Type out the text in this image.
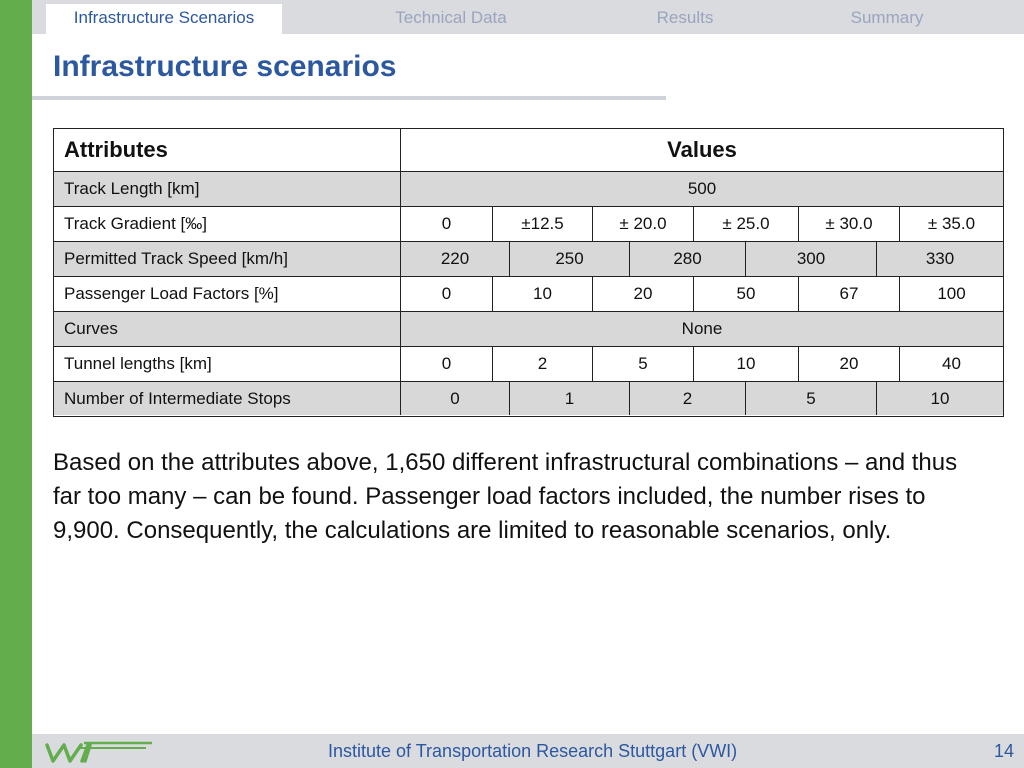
Infrastructure Scenarios	Technical Data	Results	Summary
Infrastructure scenarios
Attributes	Values
Track Length [km]	500
Track Gradient [‰]	0	±12.5	± 20.0	± 25.0	± 30.0	± 35.0
Permitted Track Speed [km/h]	220	250	280	300	330
Passenger Load Factors [%]	0	10	20	50	67	100
Curves	None
Tunnel lengths [km]	0	2	5	10	20	40
Number of Intermediate Stops	0	1	2	5	10

Based on the attributes above, 1,650 different infrastructural combinations – and thus far too many – can be found. Passenger load factors included, the number rises to 9,900. Consequently, the calculations are limited to reasonable scenarios, only.

Institute of Transportation Research Stuttgart (VWI)	14
